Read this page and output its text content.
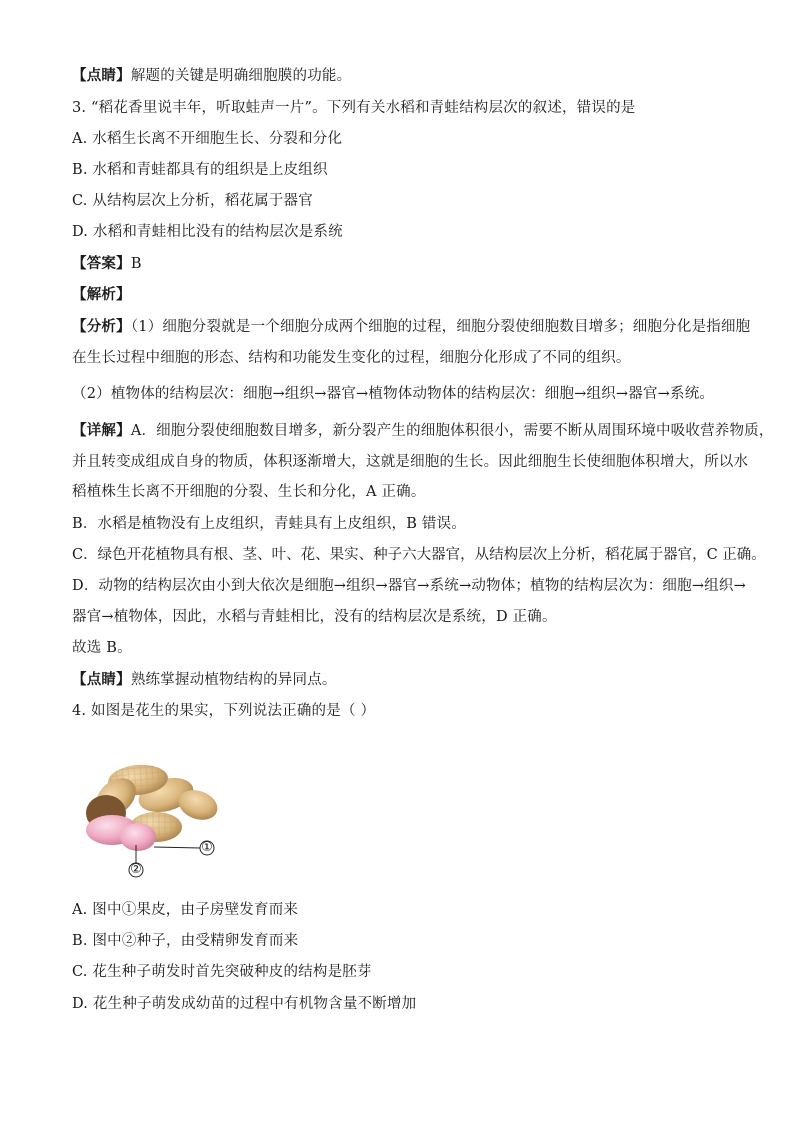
【点睛】解题的关键是明确细胞膜的功能。
3. “稻花香里说丰年，听取蛙声一片”。下列有关水稻和青蛙结构层次的叙述，错误的是
A. 水稻生长离不开细胞生长、分裂和分化
B. 水稻和青蛙都具有的组织是上皮组织
C. 从结构层次上分析，稻花属于器官
D. 水稻和青蛙相比没有的结构层次是系统
【答案】B
【解析】
【分析】（1）细胞分裂就是一个细胞分成两个细胞的过程，细胞分裂使细胞数目增多；细胞分化是指细胞
在生长过程中细胞的形态、结构和功能发生变化的过程，细胞分化形成了不同的组织。
（2）植物体的结构层次：细胞→组织→器官→植物体动物体的结构层次：细胞→组织→器官→系统。
【详解】A．细胞分裂使细胞数目增多，新分裂产生的细胞体积很小，需要不断从周围环境中吸收营养物质，
并且转变成组成自身的物质，体积逐渐增大，这就是细胞的生长。因此细胞生长使细胞体积增大，所以水
稻植株生长离不开细胞的分裂、生长和分化，A 正确。
B．水稻是植物没有上皮组织，青蛙具有上皮组织，B 错误。
C．绿色开花植物具有根、茎、叶、花、果实、种子六大器官，从结构层次上分析，稻花属于器官，C 正确。
D．动物的结构层次由小到大依次是细胞→组织→器官→系统→动物体；植物的结构层次为：细胞→组织→
器官→植物体，因此，水稻与青蛙相比，没有的结构层次是系统，D 正确。
故选 B。
【点睛】熟练掌握动植物结构的异同点。
4. 如图是花生的果实，下列说法正确的是（ ）
①
②
A. 图中①果皮，由子房壁发育而来
B. 图中②种子，由受精卵发育而来
C. 花生种子萌发时首先突破种皮的结构是胚芽
D. 花生种子萌发成幼苗的过程中有机物含量不断增加
